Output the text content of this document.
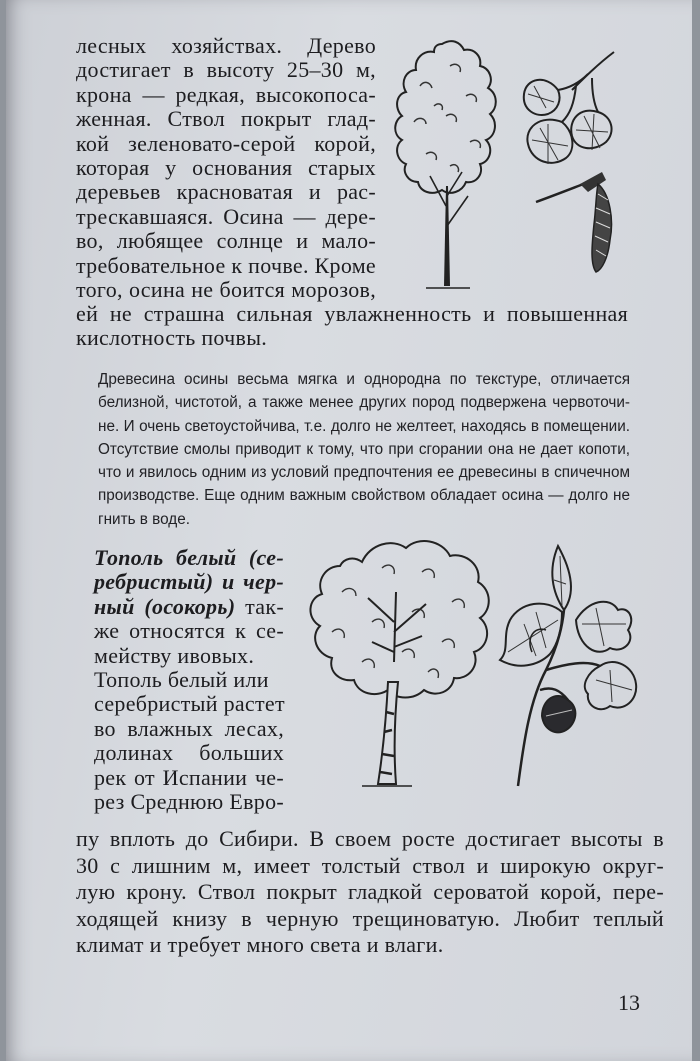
лесных хозяйствах. Дерево
достигает в высоту 25–30 м,
крона — редкая, высокопоса-
женная. Ствол покрыт глад-
кой зеленовато-серой корой,
которая у основания старых
деревьев красноватая и рас-
трескавшаяся. Осина — дере-
во, любящее солнце и мало-
требовательное к почве. Кроме
того, осина не боится морозов,
ей не страшна сильная увлажненность и повышенная
кислотность почвы.
Древесина осины весьма мягка и однородна по текстуре, отличается
белизной, чистотой, а также менее других пород подвержена червоточи-
не. И очень светоустойчива, т.е. долго не желтеет, находясь в помещении.
Отсутствие смолы приводит к тому, что при сгорании она не дает копоти,
что и явилось одним из условий предпочтения ее древесины в спичечном
производстве. Еще одним важным свойством обладает осина — долго не
гнить в воде.
Тополь белый (се-
ребристый) и чер-
ный (осокорь) так-
же относятся к се-
мейству ивовых.
Тополь белый или
серебристый растет
во влажных лесах,
долинах больших
рек от Испании че-
рез Среднюю Евро-
пу вплоть до Сибири. В своем росте достигает высоты в
30 с лишним м, имеет толстый ствол и широкую округ-
лую крону. Ствол покрыт гладкой сероватой корой, пере-
ходящей книзу в черную трещиноватую. Любит теплый
климат и требует много света и влаги.
13
